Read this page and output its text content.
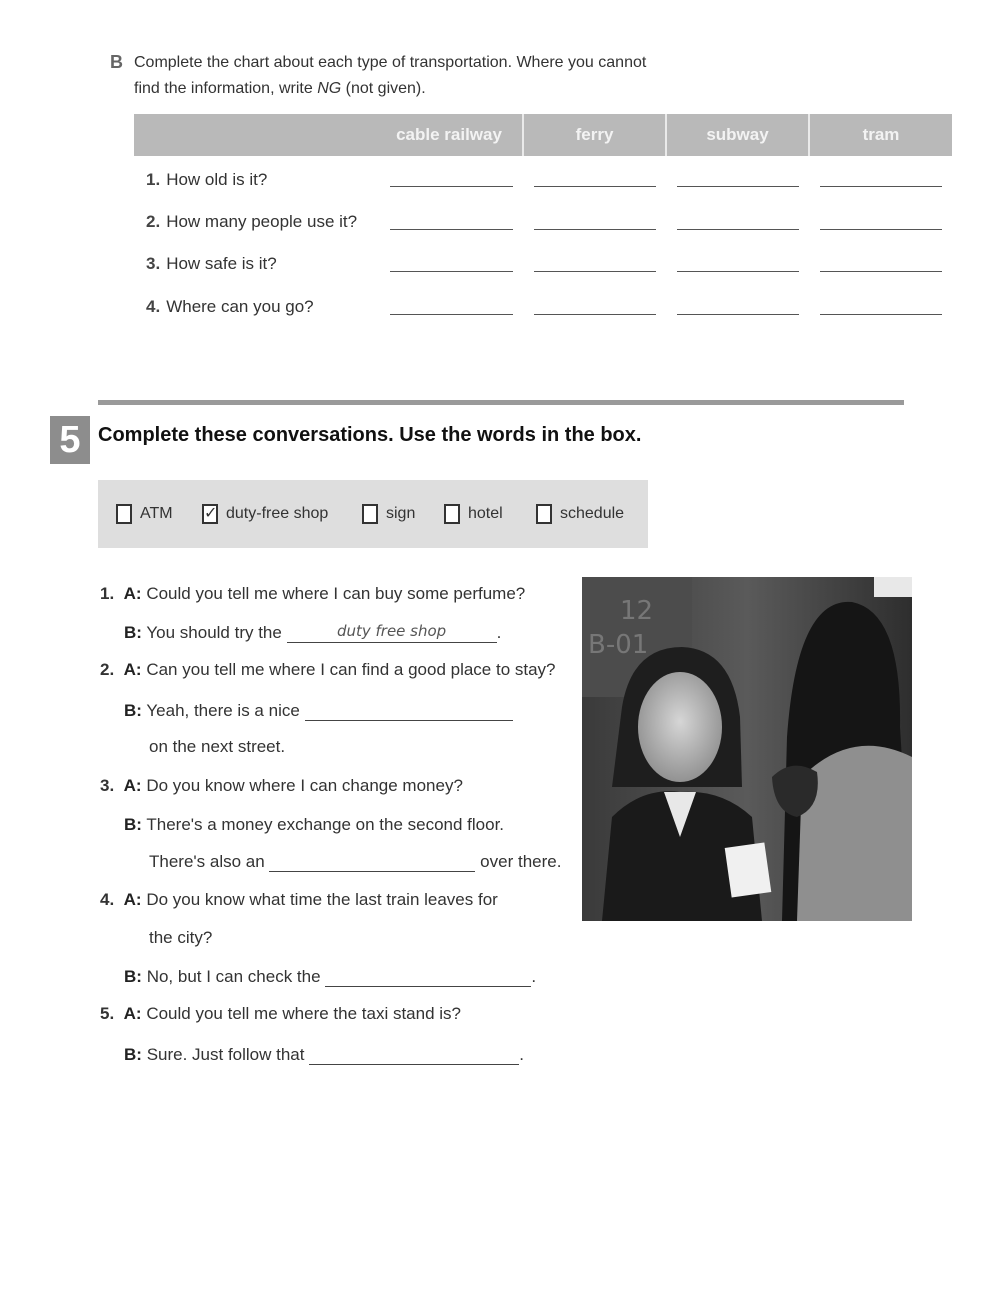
B Complete the chart about each type of transportation. Where you cannot
find the information, write NG (not given).
cable railway	ferry	subway	tram
1. How old is it?
2. How many people use it?
3. How safe is it?
4. Where can you go?
5 Complete these conversations. Use the words in the box.
ATM ✓ duty-free shop	sign	hotel	schedule
1. A: Could you tell me where I can buy some perfume?
B: You should try the	duty free shop	.
2. A: Can you tell me where I can find a good place to stay?
B: Yeah, there is a nice
on the next street.
3. A: Do you know where I can change money?
B: There's a money exchange on the second floor.
There's also an	over there.
4. A: Do you know what time the last train leaves for
the city?
B: No, but I can check the	.
5. A: Could you tell me where the taxi stand is?
B: Sure. Just follow that	.
12 B-01
